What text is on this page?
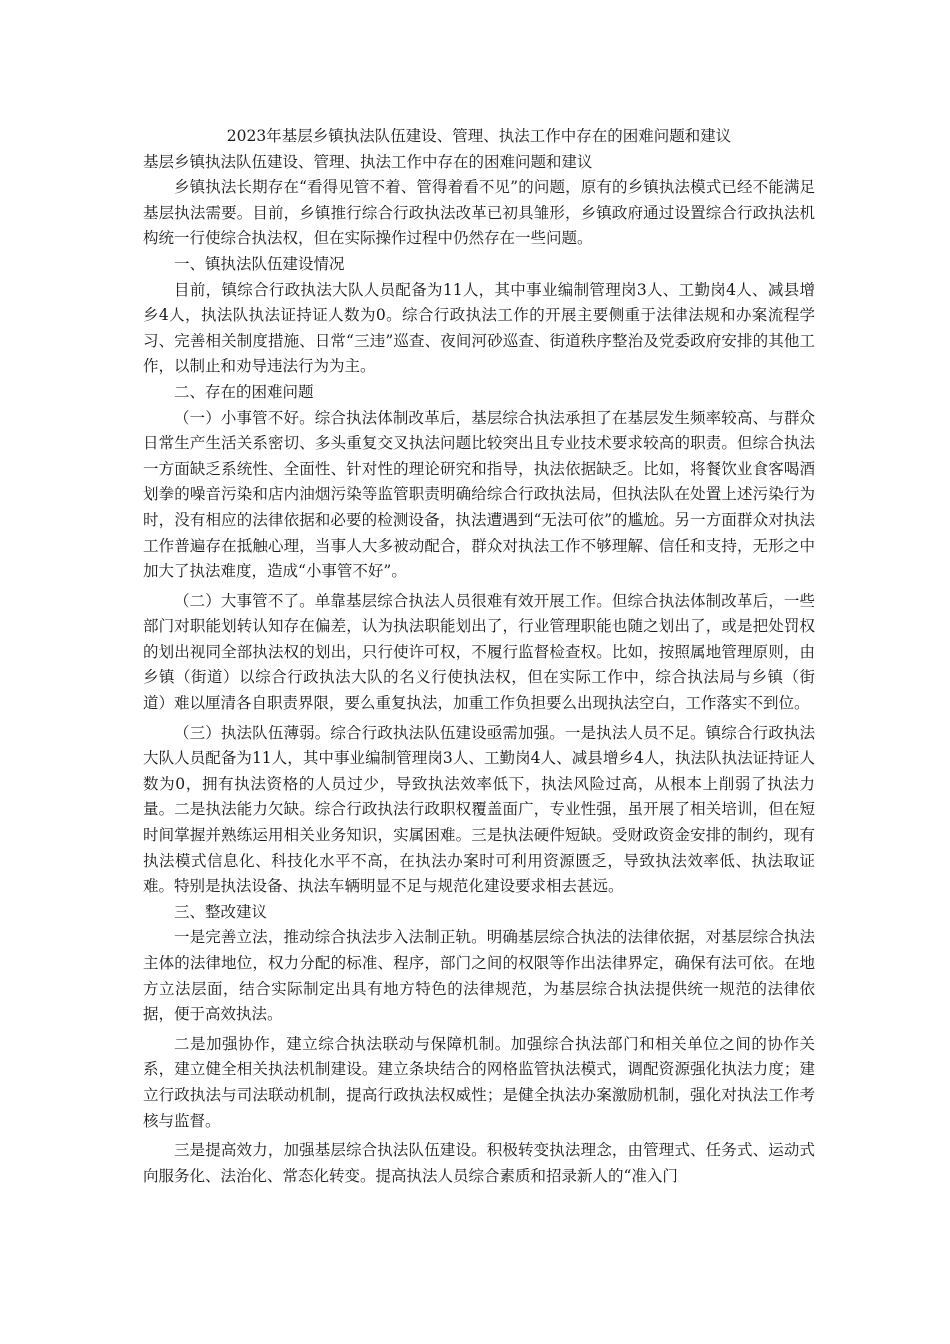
2023年基层乡镇执法队伍建设、管理、执法工作中存在的困难问题和建议
基层乡镇执法队伍建设、管理、执法工作中存在的困难问题和建议

乡镇执法长期存在“看得见管不着、管得着看不见”的问题，原有的乡镇执法模式已经不能满足基层执法需要。目前，乡镇推行综合行政执法改革已初具雏形，乡镇政府通过设置综合行政执法机构统一行使综合执法权，但在实际操作过程中仍然存在一些问题。

一、镇执法队伍建设情况

目前，镇综合行政执法大队人员配备为11人，其中事业编制管理岗3人、工勤岗4人、减县增乡4人，执法队执法证持证人数为0。综合行政执法工作的开展主要侧重于法律法规和办案流程学习、完善相关制度措施、日常“三违”巡查、夜间河砂巡查、街道秩序整治及党委政府安排的其他工作，以制止和劝导违法行为为主。

二、存在的困难问题

（一）小事管不好。综合执法体制改革后，基层综合执法承担了在基层发生频率较高、与群众日常生产生活关系密切、多头重复交叉执法问题比较突出且专业技术要求较高的职责。但综合执法一方面缺乏系统性、全面性、针对性的理论研究和指导，执法依据缺乏。比如，将餐饮业食客喝酒划拳的噪音污染和店内油烟污染等监管职责明确给综合行政执法局，但执法队在处置上述污染行为时，没有相应的法律依据和必要的检测设备，执法遭遇到“无法可依”的尴尬。另一方面群众对执法工作普遍存在抵触心理，当事人大多被动配合，群众对执法工作不够理解、信任和支持，无形之中加大了执法难度，造成“小事管不好”。

（二）大事管不了。单靠基层综合执法人员很难有效开展工作。但综合执法体制改革后，一些部门对职能划转认知存在偏差，认为执法职能划出了，行业管理职能也随之划出了，或是把处罚权的划出视同全部执法权的划出，只行使许可权，不履行监督检查权。比如，按照属地管理原则，由乡镇（街道）以综合行政执法大队的名义行使执法权，但在实际工作中，综合执法局与乡镇（街道）难以厘清各自职责界限，要么重复执法，加重工作负担要么出现执法空白，工作落实不到位。

（三）执法队伍薄弱。综合行政执法队伍建设亟需加强。一是执法人员不足。镇综合行政执法大队人员配备为11人，其中事业编制管理岗3人、工勤岗4人、减县增乡4人，执法队执法证持证人数为0，拥有执法资格的人员过少，导致执法效率低下，执法风险过高，从根本上削弱了执法力量。二是执法能力欠缺。综合行政执法行政职权覆盖面广，专业性强，虽开展了相关培训，但在短时间掌握并熟练运用相关业务知识，实属困难。三是执法硬件短缺。受财政资金安排的制约，现有执法模式信息化、科技化水平不高，在执法办案时可利用资源匮乏，导致执法效率低、执法取证难。特别是执法设备、执法车辆明显不足与规范化建设要求相去甚远。

三、整改建议

一是完善立法，推动综合执法步入法制正轨。明确基层综合执法的法律依据，对基层综合执法主体的法律地位，权力分配的标准、程序，部门之间的权限等作出法律界定，确保有法可依。在地方立法层面，结合实际制定出具有地方特色的法律规范，为基层综合执法提供统一规范的法律依据，便于高效执法。

二是加强协作，建立综合执法联动与保障机制。加强综合执法部门和相关单位之间的协作关系，建立健全相关执法机制建设。建立条块结合的网格监管执法模式，调配资源强化执法力度；建立行政执法与司法联动机制，提高行政执法权威性；是健全执法办案激励机制，强化对执法工作考核与监督。

三是提高效力，加强基层综合执法队伍建设。积极转变执法理念，由管理式、任务式、运动式向服务化、法治化、常态化转变。提高执法人员综合素质和招录新人的“准入门
